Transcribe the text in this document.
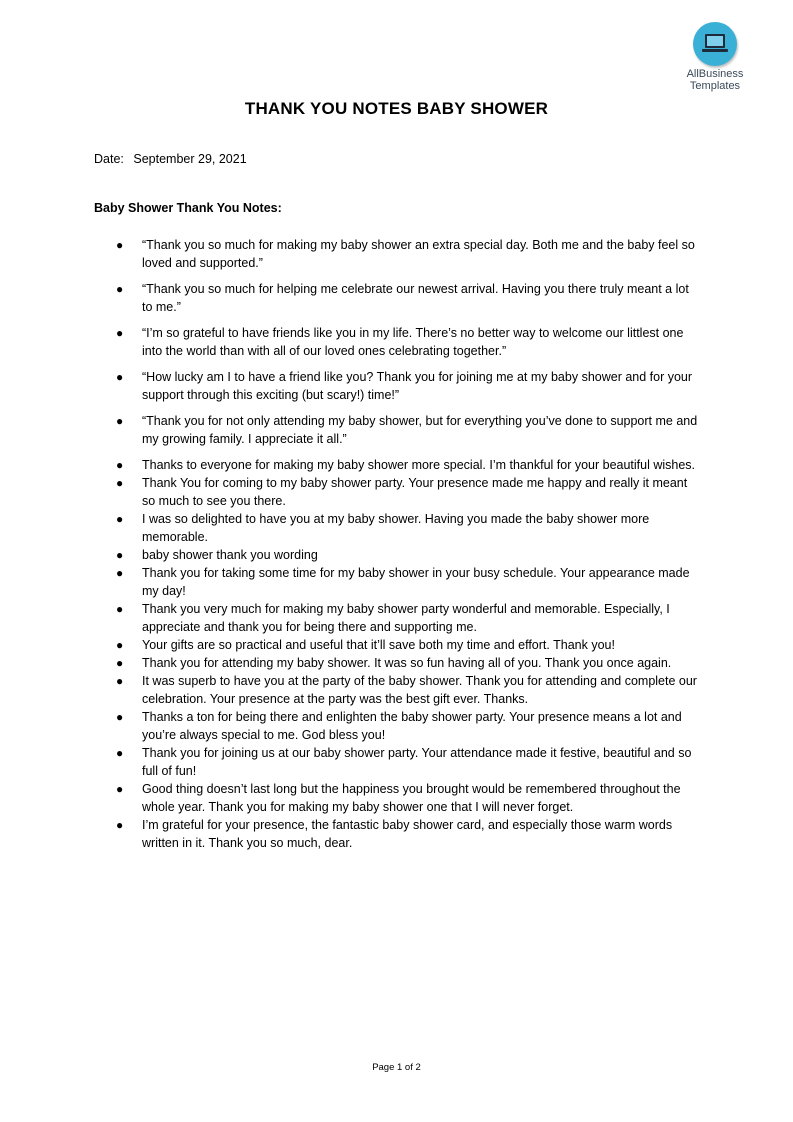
AllBusiness
Templates
THANK YOU NOTES BABY SHOWER
Date: September 29, 2021
Baby Shower Thank You Notes:
● “Thank you so much for making my baby shower an extra special day. Both me and the baby feel so loved and supported.”
● “Thank you so much for helping me celebrate our newest arrival. Having you there truly meant a lot to me.”
● “I’m so grateful to have friends like you in my life. There’s no better way to welcome our littlest one into the world than with all of our loved ones celebrating together.”
● “How lucky am I to have a friend like you? Thank you for joining me at my baby shower and for your support through this exciting (but scary!) time!”
● “Thank you for not only attending my baby shower, but for everything you’ve done to support me and my growing family. I appreciate it all.”
● Thanks to everyone for making my baby shower more special. I’m thankful for your beautiful wishes.
● Thank You for coming to my baby shower party. Your presence made me happy and really it meant so much to see you there.
● I was so delighted to have you at my baby shower. Having you made the baby shower more memorable.
● baby shower thank you wording
● Thank you for taking some time for my baby shower in your busy schedule. Your appearance made my day!
● Thank you very much for making my baby shower party wonderful and memorable. Especially, I appreciate and thank you for being there and supporting me.
● Your gifts are so practical and useful that it’ll save both my time and effort. Thank you!
● Thank you for attending my baby shower. It was so fun having all of you. Thank you once again.
● It was superb to have you at the party of the baby shower. Thank you for attending and complete our celebration. Your presence at the party was the best gift ever. Thanks.
● Thanks a ton for being there and enlighten the baby shower party. Your presence means a lot and you’re always special to me. God bless you!
● Thank you for joining us at our baby shower party. Your attendance made it festive, beautiful and so full of fun!
● Good thing doesn’t last long but the happiness you brought would be remembered throughout the whole year. Thank you for making my baby shower one that I will never forget.
● I’m grateful for your presence, the fantastic baby shower card, and especially those warm words written in it. Thank you so much, dear.
Page 1 of 2
